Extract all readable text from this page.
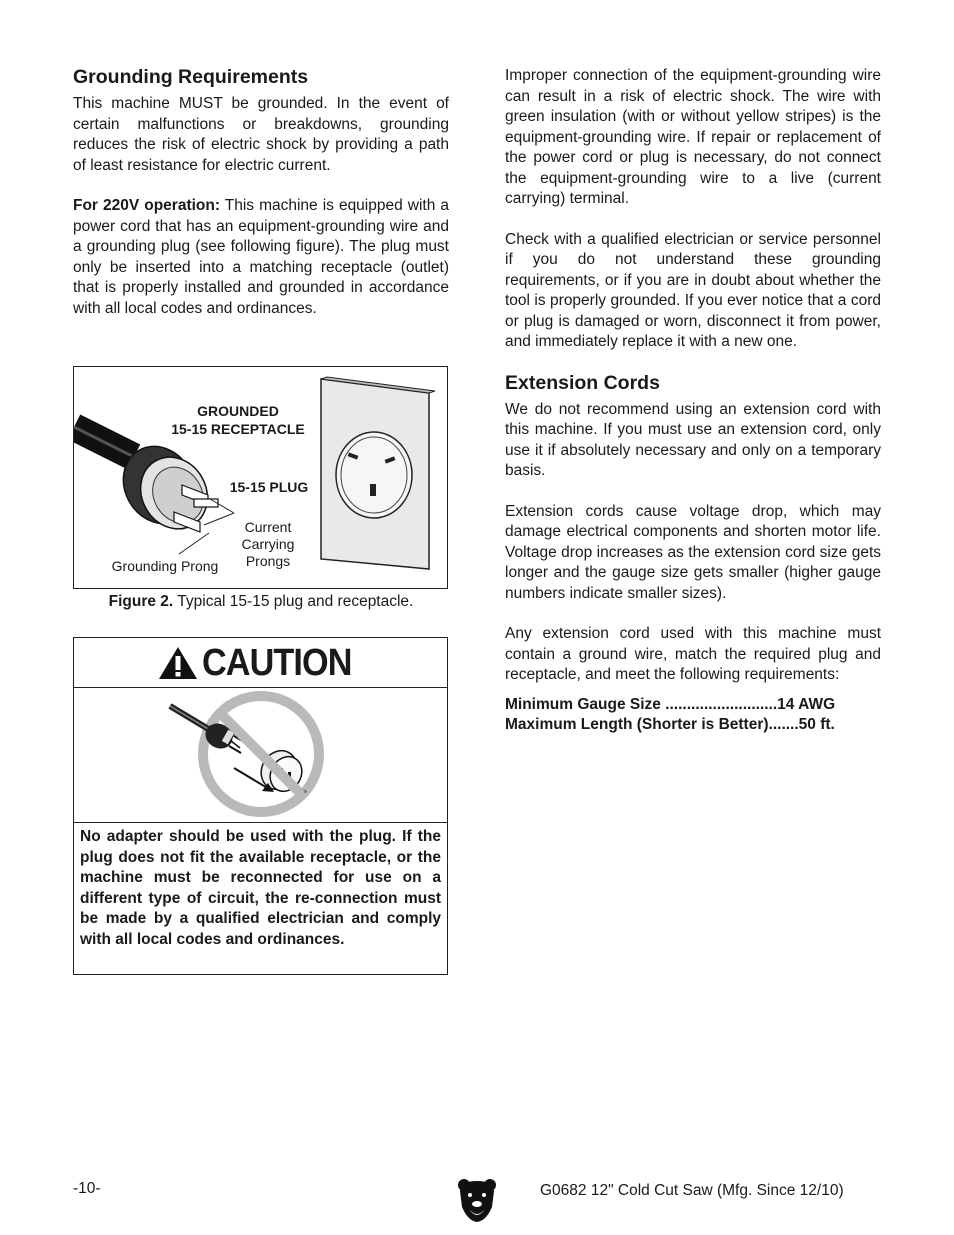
Grounding Requirements

This machine MUST be grounded. In the event of certain malfunctions or breakdowns, grounding reduces the risk of electric shock by providing a path of least resistance for electric current.

For 220V operation: This machine is equipped with a power cord that has an equipment-grounding wire and a grounding plug (see following figure). The plug must only be inserted into a matching receptacle (outlet) that is properly installed and grounded in accordance with all local codes and ordinances.

GROUNDED
15-15 RECEPTACLE
15-15 PLUG
Current
Carrying
Prongs
Grounding Prong
Figure 2. Typical 15-15 plug and receptacle.
CAUTION
No adapter should be used with the plug. If the plug does not fit the available receptacle, or the machine must be reconnected for use on a different type of circuit, the re-connection must be made by a qualified electrician and comply with all local codes and ordinances.

Improper connection of the equipment-grounding wire can result in a risk of electric shock. The wire with green insulation (with or without yellow stripes) is the equipment-grounding wire. If repair or replacement of the power cord or plug is necessary, do not connect the equipment-grounding wire to a live (current carrying) terminal.

Check with a qualified electrician or service personnel if you do not understand these grounding requirements, or if you are in doubt about whether the tool is properly grounded. If you ever notice that a cord or plug is damaged or worn, disconnect it from power, and immediately replace it with a new one.

Extension Cords

We do not recommend using an extension cord with this machine. If you must use an extension cord, only use it if absolutely necessary and only on a temporary basis.

Extension cords cause voltage drop, which may damage electrical components and shorten motor life. Voltage drop increases as the extension cord size gets longer and the gauge size gets smaller (higher gauge numbers indicate smaller sizes).

Any extension cord used with this machine must contain a ground wire, match the required plug and receptacle, and meet the following requirements:

Minimum Gauge Size ..........................14 AWG
Maximum Length (Shorter is Better).......50 ft.
-10-	G0682 12" Cold Cut Saw (Mfg. Since 12/10)
